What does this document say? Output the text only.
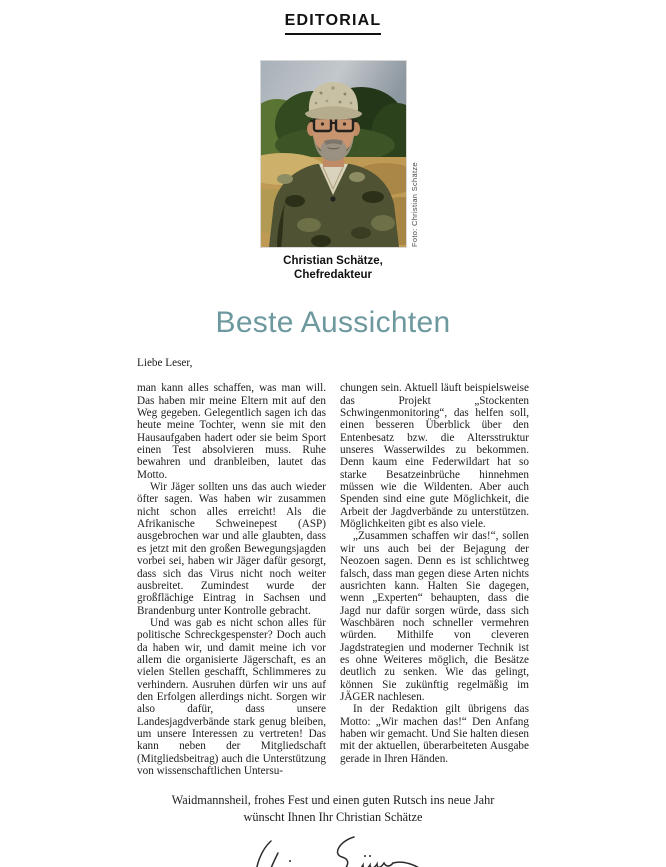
EDITORIAL
Foto: Christian Schätze
Christian Schätze,
Chefredakteur
Beste Aussichten
Liebe Leser,

man kann alles schaffen, was man will. Das haben mir meine Eltern mit auf den Weg gegeben. Gelegentlich sagen ich das heute meine Tochter, wenn sie mit den Hausaufgaben hadert oder sie beim Sport einen Test absolvieren muss. Ruhe bewahren und dranbleiben, lautet das Motto.

Wir Jäger sollten uns das auch wieder öfter sagen. Was haben wir zusammen nicht schon alles erreicht! Als die Afrikanische Schweinepest (ASP) ausgebrochen war und alle glaubten, dass es jetzt mit den großen Bewegungsjagden vorbei sei, haben wir Jäger dafür gesorgt, dass sich das Virus nicht noch weiter ausbreitet. Zumindest wurde der großflächige Eintrag in Sachsen und Brandenburg unter Kontrolle gebracht.

Und was gab es nicht schon alles für politische Schreckgespenster? Doch auch da haben wir, und damit meine ich vor allem die organisierte Jägerschaft, es an vielen Stellen geschafft, Schlimmeres zu verhindern. Ausruhen dürfen wir uns auf den Erfolgen allerdings nicht. Sorgen wir also dafür, dass unsere Landesjagdverbände stark genug bleiben, um unsere Interessen zu vertreten! Das kann neben der Mitgliedschaft (Mitgliedsbeitrag) auch die Unterstützung von wissenschaftlichen Untersu-

chungen sein. Aktuell läuft beispielsweise das Projekt „Stockenten Schwingenmonitoring“, das helfen soll, einen besseren Überblick über den Entenbesatz bzw. die Altersstruktur unseres Wasserwildes zu bekommen. Denn kaum eine Federwildart hat so starke Besatzeinbrüche hinnehmen müssen wie die Wildenten. Aber auch Spenden sind eine gute Möglichkeit, die Arbeit der Jagdverbände zu unterstützen. Möglichkeiten gibt es also viele.

„Zusammen schaffen wir das!“, sollen wir uns auch bei der Bejagung der Neozoen sagen. Denn es ist schlichtweg falsch, dass man gegen diese Arten nichts ausrichten kann. Halten Sie dagegen, wenn „Experten“ behaupten, dass die Jagd nur dafür sorgen würde, dass sich Waschbären noch schneller vermehren würden. Mithilfe von cleveren Jagdstrategien und moderner Technik ist es ohne Weiteres möglich, die Besätze deutlich zu senken. Wie das gelingt, können Sie zukünftig regelmäßig im JÄGER nachlesen.

In der Redaktion gilt übrigens das Motto: „Wir machen das!“ Den Anfang haben wir gemacht. Und Sie halten diesen mit der aktuellen, überarbeiteten Ausgabe gerade in Ihren Händen.

Waidmannsheil, frohes Fest und einen guten Rutsch ins neue Jahr
wünscht Ihnen Ihr Christian Schätze
